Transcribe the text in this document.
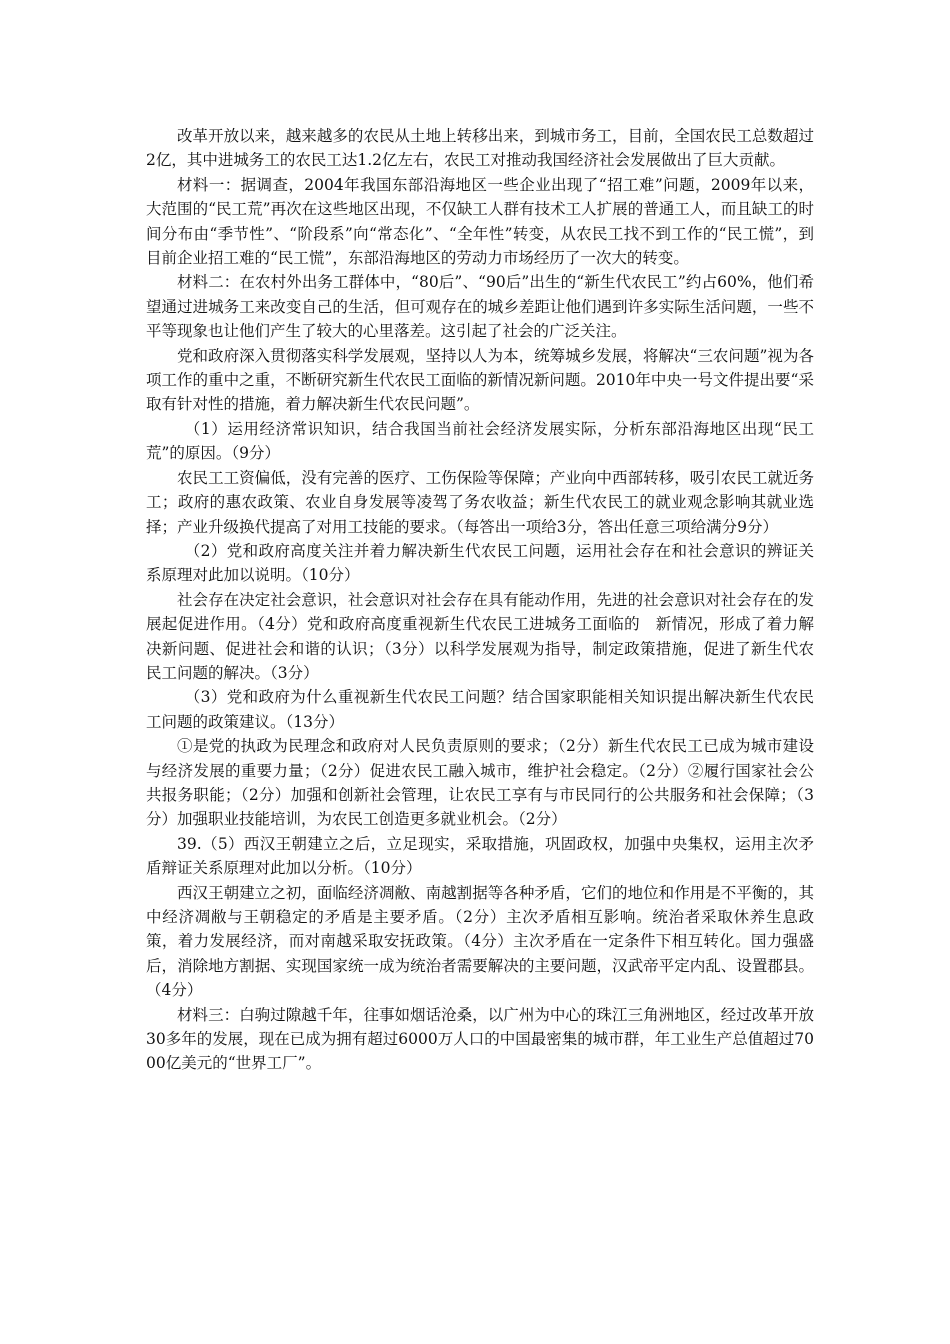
改革开放以来，越来越多的农民从土地上转移出来，到城市务工，目前，全国农民工总数超过2亿，其中进城务工的农民工达1.2亿左右，农民工对推动我国经济社会发展做出了巨大贡献。

材料一：据调查，2004年我国东部沿海地区一些企业出现了“招工难”问题，2009年以来，大范围的“民工荒”再次在这些地区出现，不仅缺工人群有技术工人扩展的普通工人，而且缺工的时间分布由“季节性”、“阶段系”向“常态化”、“全年性”转变，从农民工找不到工作的“民工慌”，到目前企业招工难的“民工慌”，东部沿海地区的劳动力市场经历了一次大的转变。

材料二：在农村外出务工群体中，“80后”、“90后”出生的“新生代农民工”约占60%，他们希望通过进城务工来改变自己的生活，但可观存在的城乡差距让他们遇到许多实际生活问题，一些不平等现象也让他们产生了较大的心里落差。这引起了社会的广泛关注。

党和政府深入贯彻落实科学发展观，坚持以人为本，统筹城乡发展，将解决“三农问题”视为各项工作的重中之重，不断研究新生代农民工面临的新情况新问题。2010年中央一号文件提出要“采取有针对性的措施，着力解决新生代农民问题”。

（1）运用经济常识知识，结合我国当前社会经济发展实际，分析东部沿海地区出现“民工荒”的原因。（9分）

农民工工资偏低，没有完善的医疗、工伤保险等保障；产业向中西部转移，吸引农民工就近务工；政府的惠农政策、农业自身发展等凌驾了务农收益；新生代农民工的就业观念影响其就业选择；产业升级换代提高了对用工技能的要求。（每答出一项给3分，答出任意三项给满分9分）

（2）党和政府高度关注并着力解决新生代农民工问题，运用社会存在和社会意识的辨证关系原理对此加以说明。（10分）

社会存在决定社会意识，社会意识对社会存在具有能动作用，先进的社会意识对社会存在的发展起促进作用。（4分）党和政府高度重视新生代农民工进城务工面临的　新情况，形成了着力解决新问题、促进社会和谐的认识；（3分）以科学发展观为指导，制定政策措施，促进了新生代农民工问题的解决。（3分）

（3）党和政府为什么重视新生代农民工问题？结合国家职能相关知识提出解决新生代农民工问题的政策建议。（13分）

①是党的执政为民理念和政府对人民负责原则的要求；（2分）新生代农民工已成为城市建设与经济发展的重要力量；（2分）促进农民工融入城市，维护社会稳定。（2分）②履行国家社会公共报务职能；（2分）加强和创新社会管理，让农民工享有与市民同行的公共服务和社会保障；（3分）加强职业技能培训，为农民工创造更多就业机会。（2分）

39.（5）西汉王朝建立之后，立足现实，采取措施，巩固政权，加强中央集权，运用主次矛盾辩证关系原理对此加以分析。（10分）

西汉王朝建立之初，面临经济凋敝、南越割据等各种矛盾，它们的地位和作用是不平衡的，其中经济凋敝与王朝稳定的矛盾是主要矛盾。（2分）主次矛盾相互影响。统治者采取休养生息政策，着力发展经济，而对南越采取安抚政策。（4分）主次矛盾在一定条件下相互转化。国力强盛后，消除地方割据、实现国家统一成为统治者需要解决的主要问题，汉武帝平定内乱、设置郡县。（4分）

材料三：白驹过隙越千年，往事如烟话沧桑，以广州为中心的珠江三角洲地区，经过改革开放30多年的发展，现在已成为拥有超过6000万人口的中国最密集的城市群，年工业生产总值超过7000亿美元的“世界工厂”。
